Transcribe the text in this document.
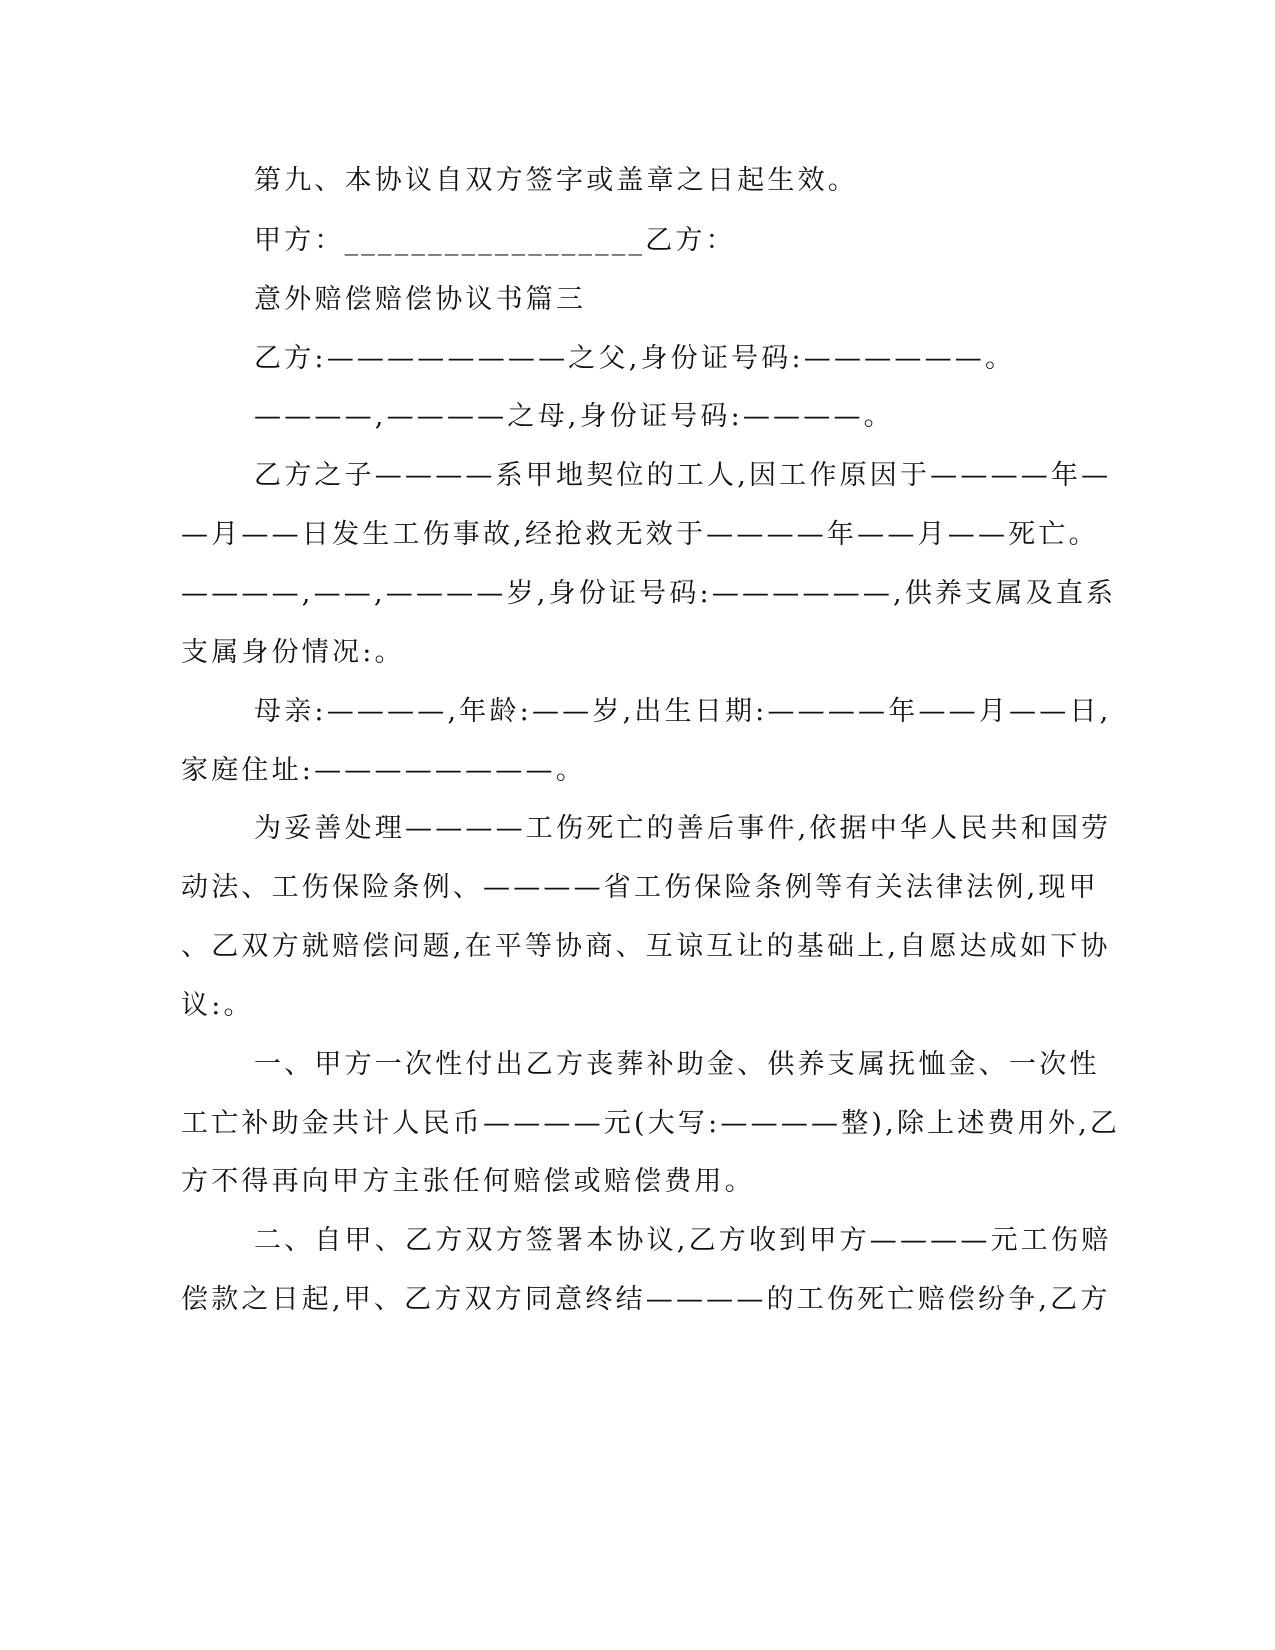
第九、本协议自双方签字或盖章之日起生效。
甲方：__________________乙方：
意外赔偿赔偿协议书篇三
乙方:————————之父,身份证号码:——————。
————,————之母,身份证号码:————。
乙方之子————系甲地契位的工人,因工作原因于————年—
—月——日发生工伤事故,经抢救无效于————年——月——死亡。
————,——,————岁,身份证号码:——————,供养支属及直系
支属身份情况:。
母亲:————,年龄:——岁,出生日期:————年——月——日,
家庭住址:————————。
为妥善处理————工伤死亡的善后事件,依据中华人民共和国劳
动法、工伤保险条例、————省工伤保险条例等有关法律法例,现甲
、乙双方就赔偿问题,在平等协商、互谅互让的基础上,自愿达成如下协
议:。
一、甲方一次性付出乙方丧葬补助金、供养支属抚恤金、一次性
工亡补助金共计人民币————元(大写:————整),除上述费用外,乙
方不得再向甲方主张任何赔偿或赔偿费用。
二、自甲、乙方双方签署本协议,乙方收到甲方————元工伤赔
偿款之日起,甲、乙方双方同意终结————的工伤死亡赔偿纷争,乙方
